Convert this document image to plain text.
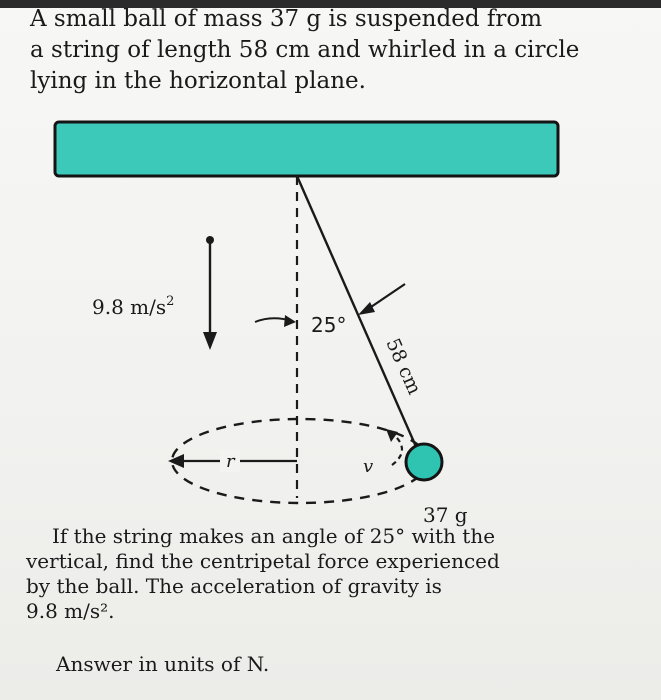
A small ball of mass 37 g is suspended from
a string of length 58 cm and whirled in a circle
lying in the horizontal plane.

r
9.8 $m/s^2$
25°
58 cm
v
37 g

If the string makes an angle of 25° with the
vertical, find the centripetal force experienced
by the ball. The acceleration of gravity is
9.8 m/s².

Answer in units of N.
